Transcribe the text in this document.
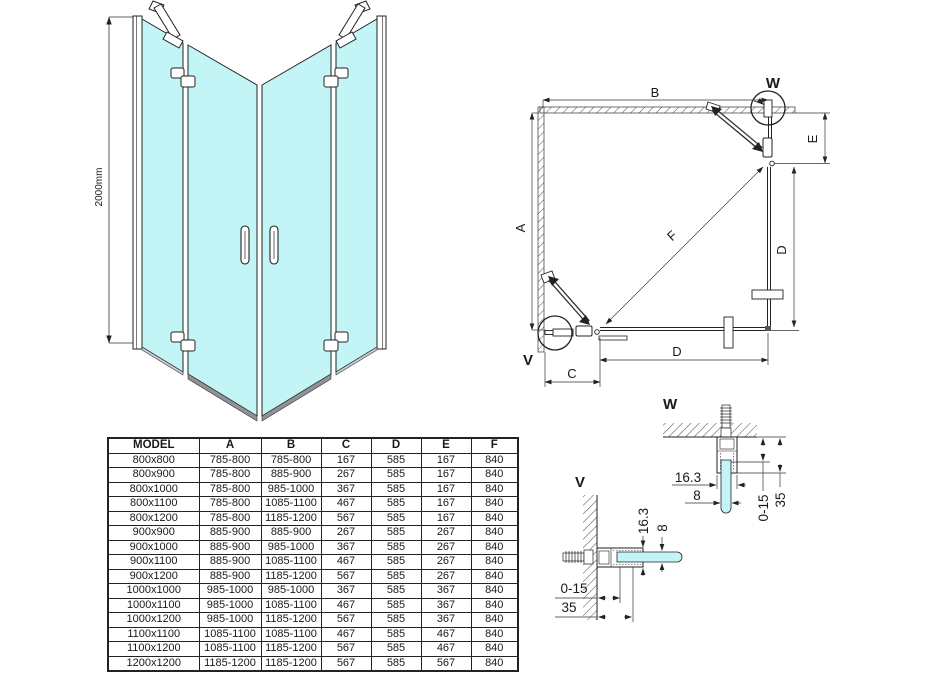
2000mm
V
W
F
B
A
E
D
D
C
W
16.3
8	0-15 35
V
16.3 8
0-15
35
MODEL	A	B	C	D	E	F
800x800	785-800	785-800	167	585	167	840
800x900	785-800	885-900	267	585	167	840
800x1000	785-800	985-1000	367	585	167	840
800x1100	785-800	1085-1100	467	585	167	840
800x1200	785-800	1185-1200	567	585	167	840
900x900	885-900	885-900	267	585	267	840
900x1000	885-900	985-1000	367	585	267	840
900x1100	885-900	1085-1100	467	585	267	840
900x1200	885-900	1185-1200	567	585	267	840
1000x1000	985-1000	985-1000	367	585	367	840
1000x1100	985-1000	1085-1100	467	585	367	840
1000x1200	985-1000	1185-1200	567	585	367	840
1100x1100	1085-1100	1085-1100	467	585	467	840
1100x1200	1085-1100	1185-1200	567	585	467	840
1200x1200	1185-1200	1185-1200	567	585	567	840
